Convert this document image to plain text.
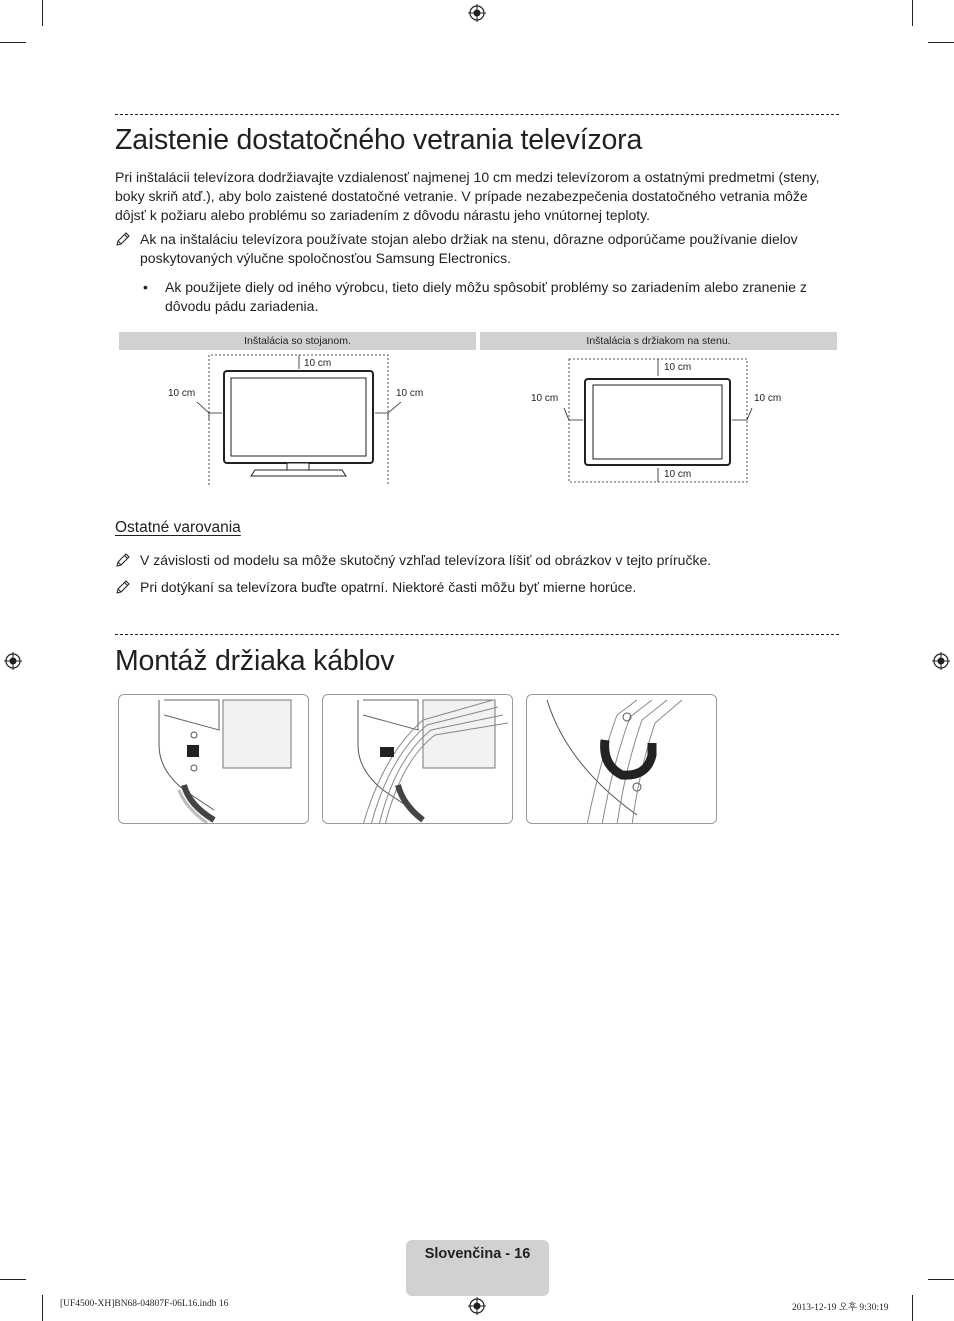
Zaistenie dostatočného vetrania televízora

Pri inštalácii televízora dodržiavajte vzdialenosť najmenej 10 cm medzi televízorom a ostatnými predmetmi (steny, boky skriň atď.), aby bolo zaistené dostatočné vetranie. V prípade nezabezpečenia dostatočného vetrania môže dôjsť k požiaru alebo problému so zariadením z dôvodu nárastu jeho vnútornej teploty.

Ak na inštaláciu televízora používate stojan alebo držiak na stenu, dôrazne odporúčame používanie dielov poskytovaných výlučne spoločnosťou Samsung Electronics.
•	Ak použijete diely od iného výrobcu, tieto diely môžu spôsobiť problémy so zariadením alebo zranenie z dôvodu pádu zariadenia.
Inštalácia so stojanom.	Inštalácia s držiakom na stenu.
10 cm
10 cm	10 cm
10 cm
10 cm	10 cm
10 cm
Ostatné varovania
V závislosti od modelu sa môže skutočný vzhľad televízora líšiť od obrázkov v tejto príručke.
Pri dotýkaní sa televízora buďte opatrní. Niektoré časti môžu byť mierne horúce.
Montáž držiaka káblov
Slovenčina - 16
[UF4500-XH]BN68-04807F-06L16.indb 16	2013-12-19 오후 9:30:19
